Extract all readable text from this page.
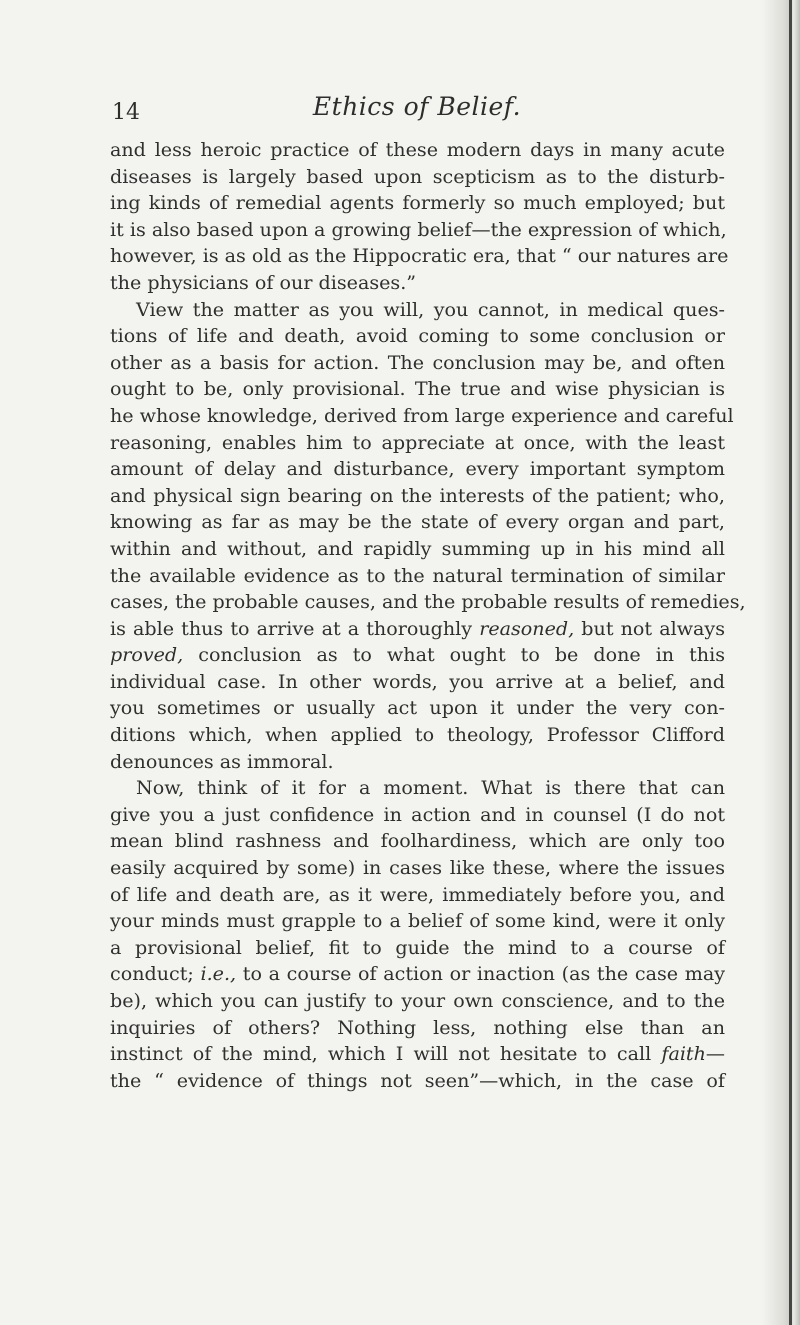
14	Ethics of Belief.
and less heroic practice of these modern days in many acute
diseases is largely based upon scepticism as to the disturb-
ing kinds of remedial agents formerly so much employed; but
it is also based upon a growing belief—the expression of which,
however, is as old as the Hippocratic era, that “ our natures are
the physicians of our diseases.”
View the matter as you will, you cannot, in medical ques-
tions of life and death, avoid coming to some conclusion or
other as a basis for action. The conclusion may be, and often
ought to be, only provisional. The true and wise physician is
he whose knowledge, derived from large experience and careful
reasoning, enables him to appreciate at once, with the least
amount of delay and disturbance, every important symptom
and physical sign bearing on the interests of the patient; who,
knowing as far as may be the state of every organ and part,
within and without, and rapidly summing up in his mind all
the available evidence as to the natural termination of similar
cases, the probable causes, and the probable results of remedies,
is able thus to arrive at a thoroughly reasoned, but not always
proved, conclusion as to what ought to be done in this
individual case. In other words, you arrive at a belief, and
you sometimes or usually act upon it under the very con-
ditions which, when applied to theology, Professor Clifford
denounces as immoral.
Now, think of it for a moment. What is there that can
give you a just confidence in action and in counsel (I do not
mean blind rashness and foolhardiness, which are only too
easily acquired by some) in cases like these, where the issues
of life and death are, as it were, immediately before you, and
your minds must grapple to a belief of some kind, were it only
a provisional belief, fit to guide the mind to a course of
conduct; i.e., to a course of action or inaction (as the case may
be), which you can justify to your own conscience, and to the
inquiries of others? Nothing less, nothing else than an
instinct of the mind, which I will not hesitate to call faith—
the “ evidence of things not seen”—which, in the case of
